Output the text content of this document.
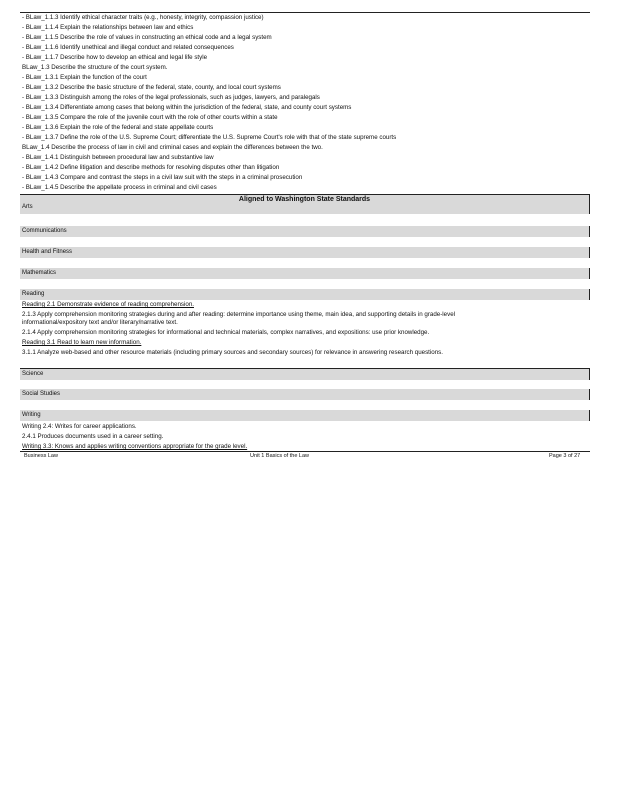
- BLaw_1.1.3 Identify ethical character traits (e.g., honesty, integrity, compassion justice)
- BLaw_1.1.4 Explain the relationships between law and ethics
- BLaw_1.1.5 Describe the role of values in constructing an ethical code and a legal system
- BLaw_1.1.6 Identify unethical and illegal conduct and related consequences
- BLaw_1.1.7 Describe how to develop an ethical and legal life style
BLaw_1.3 Describe the structure of the court system.
- BLaw_1.3.1 Explain the function of the court
- BLaw_1.3.2 Describe the basic structure of the federal, state, county, and local court systems
- BLaw_1.3.3 Distinguish among the roles of the legal professionals, such as judges, lawyers, and paralegals
- BLaw_1.3.4 Differentiate among cases that belong within the jurisdiction of the federal, state, and county court systems
- BLaw_1.3.5 Compare the role of the juvenile court with the role of other courts within a state
- BLaw_1.3.6 Explain the role of the federal and state appellate courts
- BLaw_1.3.7 Define the role of the U.S. Supreme Court; differentiate the U.S. Supreme Court's role with that of the state supreme courts
BLaw_1.4 Describe the process of law in civil and criminal cases and explain the differences between the two.
- BLaw_1.4.1 Distinguish between procedural law and substantive law
- BLaw_1.4.2 Define litigation and describe methods for resolving disputes other than litigation
- BLaw_1.4.3 Compare and contrast the steps in a civil law suit with the steps in a criminal prosecution
- BLaw_1.4.5 Describe the appellate process in criminal and civil cases
Aligned to Washington State Standards
Arts
Communications
Health and Fitness
Mathematics
Reading
Reading 2.1 Demonstrate evidence of reading comprehension.
2.1.3 Apply comprehension monitoring strategies during and after reading: determine importance using theme, main idea, and supporting details in grade-level
informational/expository text and/or literary/narrative text.
2.1.4 Apply comprehension monitoring strategies for informational and technical materials, complex narratives, and expositions: use prior knowledge.
Reading 3.1 Read to learn new information.
3.1.1 Analyze web-based and other resource materials (including primary sources and secondary sources) for relevance in answering research questions.
Science
Social Studies
Writing
Writing 2.4: Writes for career applications.
2.4.1 Produces documents used in a career setting.
Writing 3.3: Knows and applies writing conventions appropriate for the grade level.
Business Law	Unit 1 Basics of the Law	Page 3 of 27
